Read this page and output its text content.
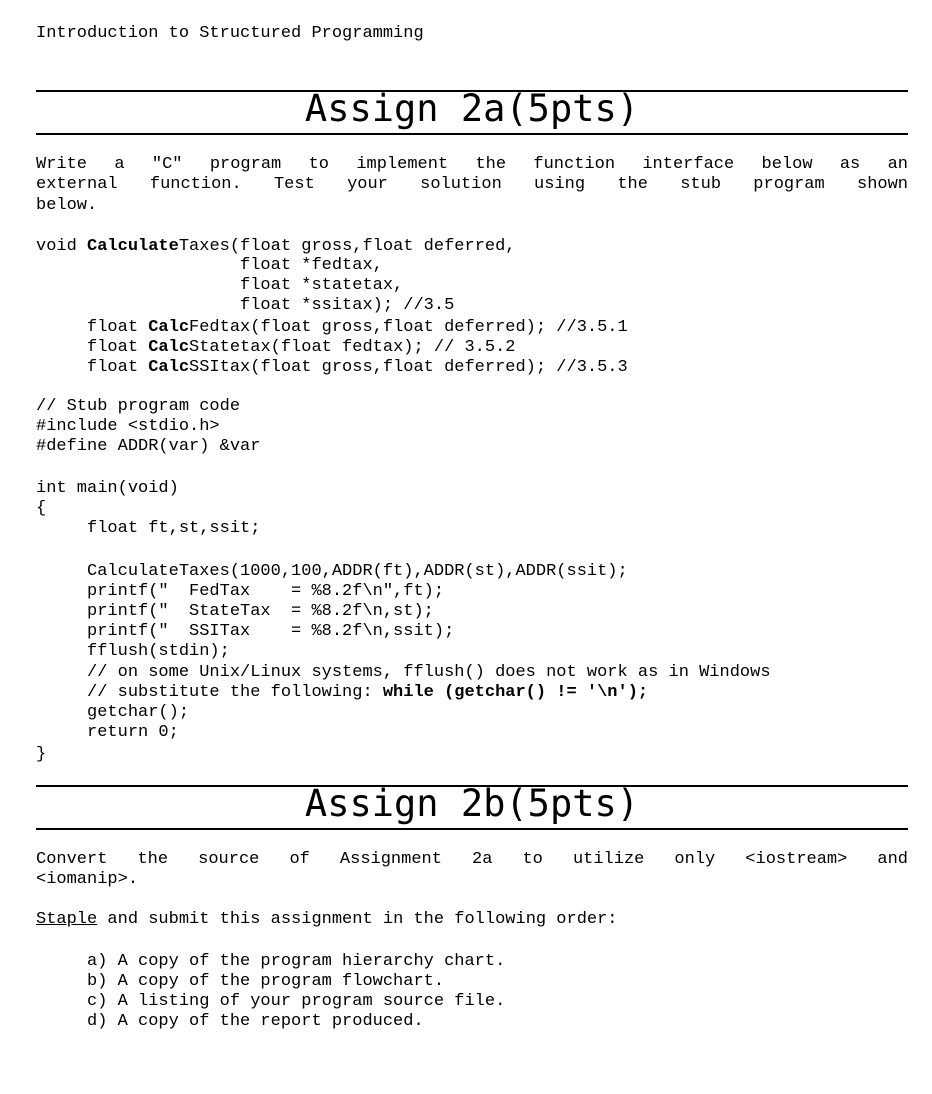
Introduction to Structured Programming

Assign 2a(5pts)

Write a "C" program to implement the function interface below as an

external function. Test your solution using the stub program shown

below.

void CalculateTaxes(float gross,float deferred,

float *fedtax,

float *statetax,

float *ssitax); //3.5

float CalcFedtax(float gross,float deferred); //3.5.1

float CalcStatetax(float fedtax); // 3.5.2

float CalcSSItax(float gross,float deferred); //3.5.3

// Stub program code

#include <stdio.h>

#define ADDR(var) &var

int main(void)

{

float ft,st,ssit;

CalculateTaxes(1000,100,ADDR(ft),ADDR(st),ADDR(ssit);

printf("  FedTax    = %8.2f\n",ft);

printf("  StateTax  = %8.2f\n,st);

printf("  SSITax    = %8.2f\n,ssit);

fflush(stdin);

// on some Unix/Linux systems, fflush() does not work as in Windows

// substitute the following: while (getchar() != '\n');

getchar();

return 0;

}

Assign 2b(5pts)

Convert the source of Assignment 2a to utilize only <iostream> and

<iomanip>.

Staple and submit this assignment in the following order:

a) A copy of the program hierarchy chart.

b) A copy of the program flowchart.

c) A listing of your program source file.

d) A copy of the report produced.
